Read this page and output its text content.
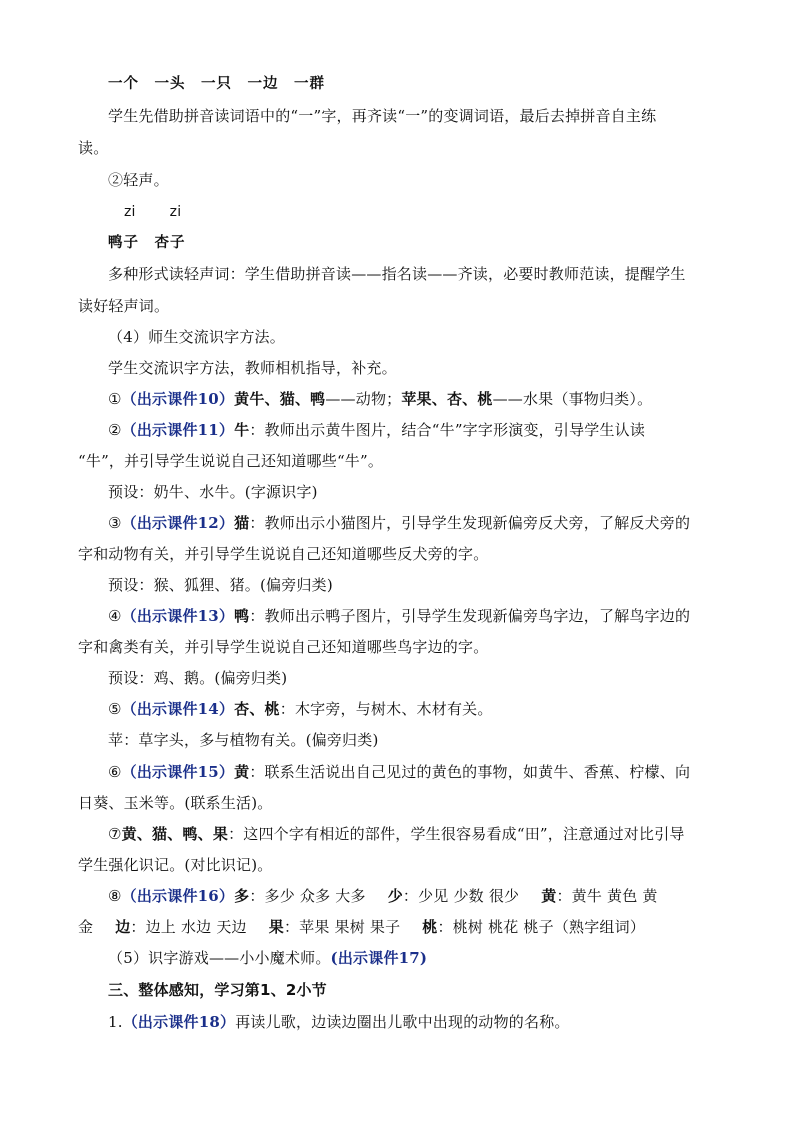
一个　一头　一只　一边　一群
学生先借助拼音读词语中的“一”字，再齐读“一”的变调词语，最后去掉拼音自主练
读。
②轻声。
zi zi
鸭子　杏子
多种形式读轻声词：学生借助拼音读——指名读——齐读，必要时教师范读，提醒学生
读好轻声词。
（4）师生交流识字方法。
学生交流识字方法，教师相机指导，补充。
①（出示课件10）黄牛、猫、鸭——动物；苹果、杏、桃——水果（事物归类）。
②（出示课件11）牛：教师出示黄牛图片，结合“牛”字字形演变，引导学生认读
“牛”，并引导学生说说自己还知道哪些“牛”。
预设：奶牛、水牛。(字源识字)
③（出示课件12）猫：教师出示小猫图片，引导学生发现新偏旁反犬旁，了解反犬旁的
字和动物有关，并引导学生说说自己还知道哪些反犬旁的字。
预设：猴、狐狸、猪。(偏旁归类)
④（出示课件13）鸭：教师出示鸭子图片，引导学生发现新偏旁鸟字边，了解鸟字边的
字和禽类有关，并引导学生说说自己还知道哪些鸟字边的字。
预设：鸡、鹅。(偏旁归类)
⑤（出示课件14）杏、桃：木字旁，与树木、木材有关。
苹：草字头，多与植物有关。(偏旁归类)
⑥（出示课件15）黄：联系生活说出自己见过的黄色的事物，如黄牛、香蕉、柠檬、向
日葵、玉米等。(联系生活)。
⑦黄、猫、鸭、果：这四个字有相近的部件，学生很容易看成“田”，注意通过对比引导
学生强化识记。(对比识记)。
⑧（出示课件16）多：多少 众多 大多 少：少见 少数 很少 黄：黄牛 黄色 黄
金 边：边上 水边 天边 果：苹果 果树 果子 桃：桃树 桃花 桃子（熟字组词）
（5）识字游戏——小小魔术师。(出示课件17)
三、整体感知，学习第1、2小节
1.（出示课件18）再读儿歌，边读边圈出儿歌中出现的动物的名称。
